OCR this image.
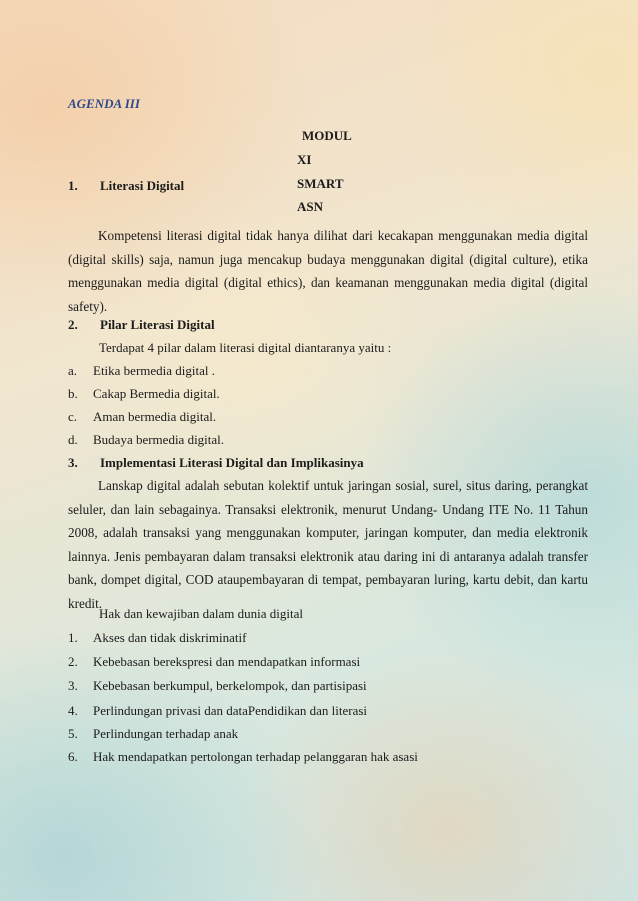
AGENDA III
MODUL
XI
SMART
ASN
1. Literasi Digital
Kompetensi literasi digital tidak hanya dilihat dari kecakapan menggunakan media digital (digital skills) saja, namun juga mencakup budaya menggunakan digital (digital culture), etika menggunakan media digital (digital ethics), dan keamanan menggunakan media digital (digital safety).
2. Pilar Literasi Digital
Terdapat 4 pilar dalam literasi digital diantaranya yaitu :
a. Etika bermedia digital .
b. Cakap Bermedia digital.
c. Aman bermedia digital.
d. Budaya bermedia digital.
3. Implementasi Literasi Digital dan Implikasinya
Lanskap digital adalah sebutan kolektif untuk jaringan sosial, surel, situs daring, perangkat seluler, dan lain sebagainya. Transaksi elektronik, menurut Undang- Undang ITE No. 11 Tahun 2008, adalah transaksi yang menggunakan komputer, jaringan komputer, dan media elektronik lainnya. Jenis pembayaran dalam transaksi elektronik atau daring ini di antaranya adalah transfer bank, dompet digital, COD ataupembayaran di tempat, pembayaran luring, kartu debit, dan kartu kredit.
Hak dan kewajiban dalam dunia digital
1. Akses dan tidak diskriminatif
2. Kebebasan berekspresi dan mendapatkan informasi
3. Kebebasan berkumpul, berkelompok, dan partisipasi
4. Perlindungan privasi dan dataPendidikan dan literasi
5. Perlindungan terhadap anak
6. Hak mendapatkan pertolongan terhadap pelanggaran hak asasi
